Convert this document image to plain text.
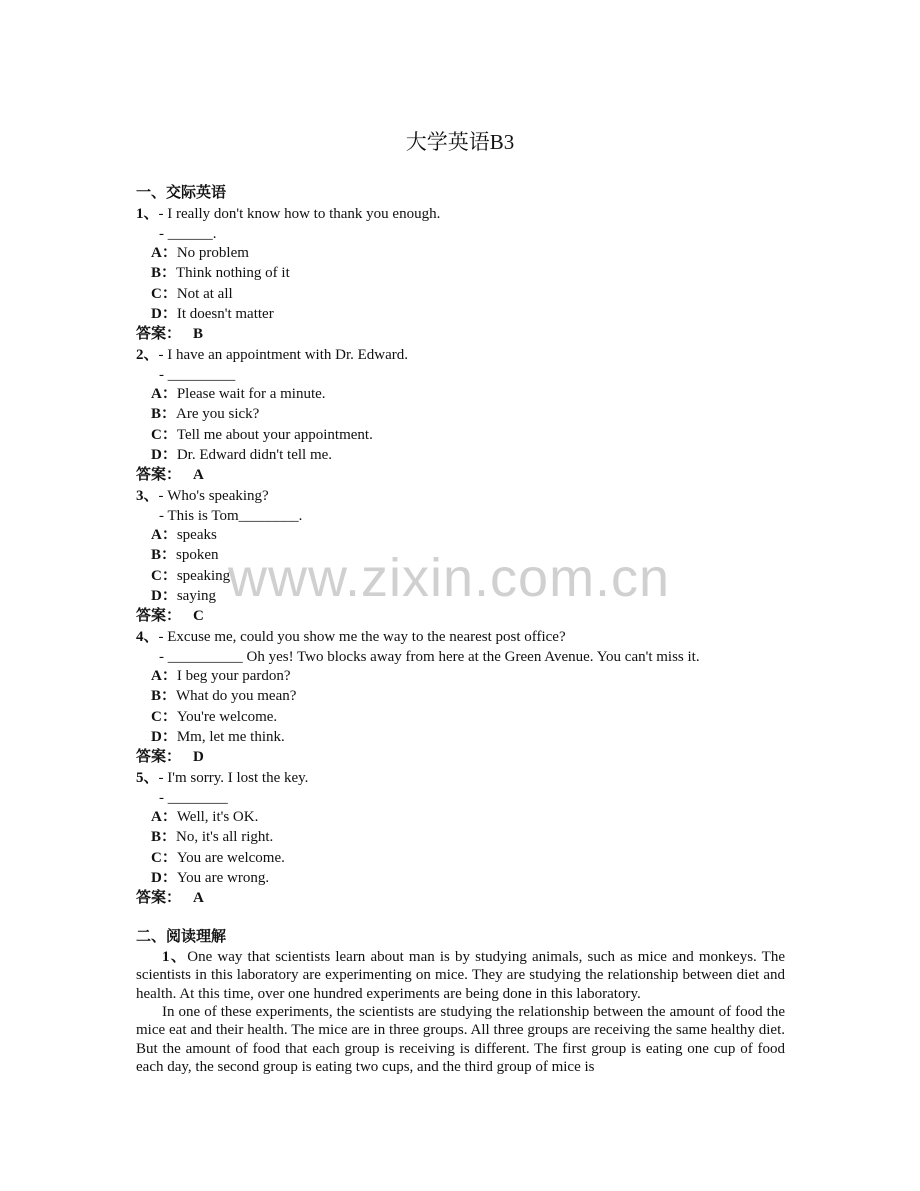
大学英语B3
一、交际英语
1、- I really don't know how to thank you enough.
- ______.
A：No problem
B：Think nothing of it
C：Not at all
D：It doesn't matter
答案： B
2、- I have an appointment with Dr. Edward.
- _________
A：Please wait for a minute.
B：Are you sick?
C：Tell me about your appointment.
D：Dr. Edward didn't tell me.
答案： A
3、- Who's speaking?
- This is Tom________.
A：speaks
B：spoken
C：speaking
D：saying
答案： C
4、- Excuse me, could you show me the way to the nearest post office?
- __________ Oh yes! Two blocks away from here at the Green Avenue. You can't miss it.
A：I beg your pardon?
B：What do you mean?
C：You're welcome.
D：Mm, let me think.
答案： D
5、- I'm sorry. I lost the key.
- ________
A：Well, it's OK.
B：No, it's all right.
C：You are welcome.
D：You are wrong.
答案： A
二、阅读理解
1、One way that scientists learn about man is by studying animals, such as mice and monkeys. The scientists in this laboratory are experimenting on mice. They are studying the relationship between diet and health. At this time, over one hundred experiments are being done in this laboratory.
In one of these experiments, the scientists are studying the relationship between the amount of food the mice eat and their health. The mice are in three groups. All three groups are receiving the same healthy diet. But the amount of food that each group is receiving is different. The first group is eating one cup of food each day, the second group is eating two cups, and the third group of mice is
www.zixin.com.cn
